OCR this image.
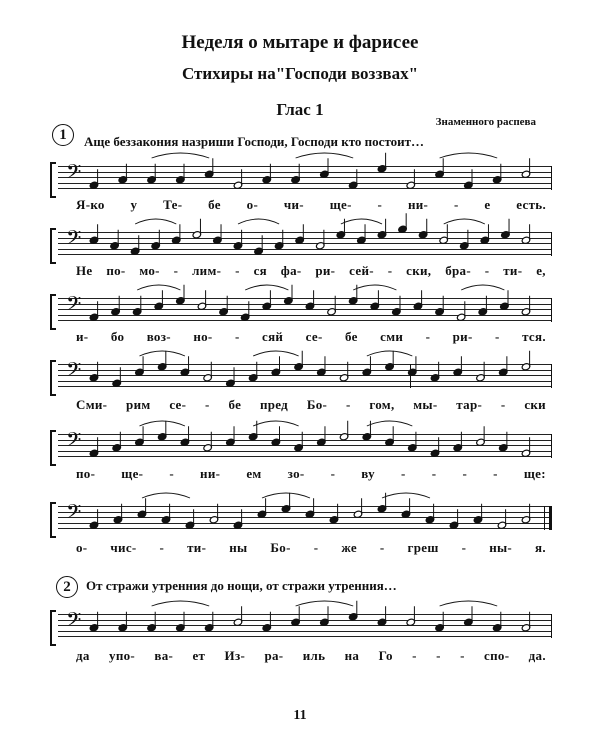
Неделя о мытаре и фарисее
Стихиры на"Господи воззвах"
Глас 1
Знаменного распева
1	Аще беззакония назриши Господи, Господи кто постоит…
2	От стражи утренния до нощи, от стражи утренния…
𝄢
Я-ко у Те- бе о- чи- ще- - ни- - е есть.
𝄢
Не по- мо- - лим- - ся фа- ри- сей- - ски, бра- - ти- е,
𝄢
и- бо воз- но- - сяй се- бе сми - ри- - тся.
𝄢
Сми- рим се- - бе пред Бо- - гом, мы- тар- - ски
𝄢
по- ще- - ни- ем зо- - ву - - - - ще:
𝄢
о- чис- - ти- ны Бо- - же - греш - ны- я.
𝄢
да упо- ва- ет Из- ра- иль на Го - - - спо- да.
11
